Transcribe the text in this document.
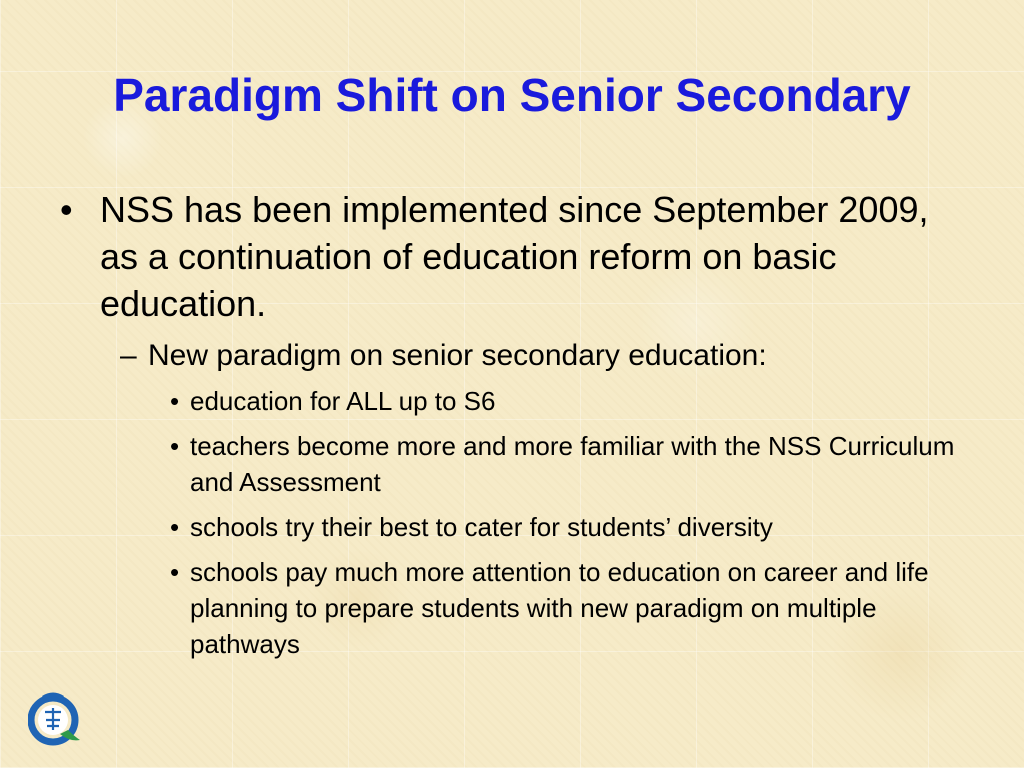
Paradigm Shift on Senior Secondary
• NSS has been implemented since September 2009, as a continuation of education reform on basic education.
– New paradigm on senior secondary education:
• education for ALL up to S6
• teachers become more and more familiar with the NSS Curriculum and Assessment
• schools try their best to cater for students’ diversity
• schools pay much more attention to education on career and life planning to prepare students with new paradigm on multiple pathways
